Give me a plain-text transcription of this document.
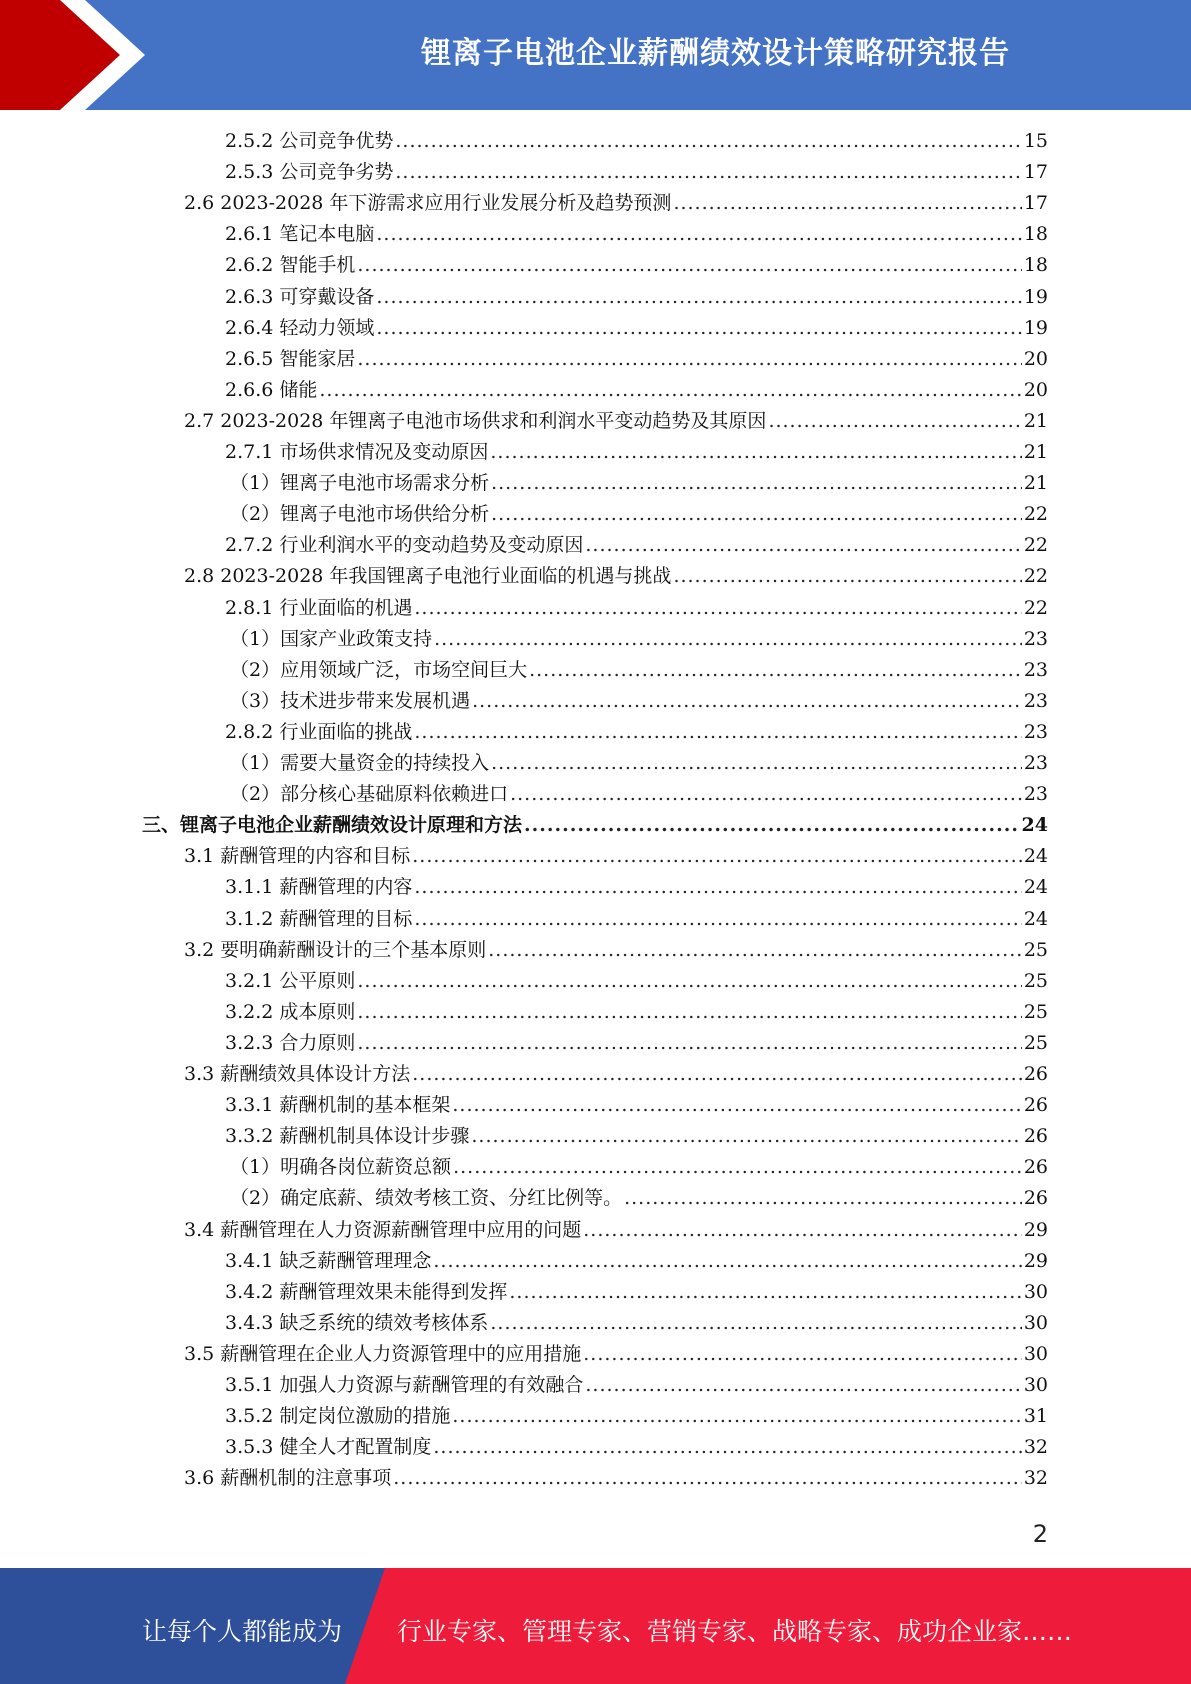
锂离子电池企业薪酬绩效设计策略研究报告
2.5.2 公司竞争优势 .....	15
2.5.3 公司竞争劣势 .....	17
2.6 2023-2028 年下游需求应用行业发展分析及趋势预测 .....	17
2.6.1 笔记本电脑 .....	18
2.6.2 智能手机 .....	18
2.6.3 可穿戴设备 .....	19
2.6.4 轻动力领域 .....	19
2.6.5 智能家居 .....	20
2.6.6 储能 .....	20
2.7 2023-2028 年锂离子电池市场供求和利润水平变动趋势及其原因 .....	21
2.7.1 市场供求情况及变动原因 .....	21
（1）锂离子电池市场需求分析 .....	21
（2）锂离子电池市场供给分析 .....	22
2.7.2 行业利润水平的变动趋势及变动原因 .....	22
2.8 2023-2028 年我国锂离子电池行业面临的机遇与挑战 .....	22
2.8.1 行业面临的机遇 .....	22
（1）国家产业政策支持 .....	23
（2）应用领域广泛，市场空间巨大 .....	23
（3）技术进步带来发展机遇 .....	23
2.8.2 行业面临的挑战 .....	23
（1）需要大量资金的持续投入 .....	23
（2）部分核心基础原料依赖进口 .....	23
三、锂离子电池企业薪酬绩效设计原理和方法 .....	24
3.1 薪酬管理的内容和目标 .....	24
3.1.1 薪酬管理的内容 .....	24
3.1.2 薪酬管理的目标 .....	24
3.2 要明确薪酬设计的三个基本原则 .....	25
3.2.1 公平原则 .....	25
3.2.2 成本原则 .....	25
3.2.3 合力原则 .....	25
3.3 薪酬绩效具体设计方法 .....	26
3.3.1 薪酬机制的基本框架 .....	26
3.3.2 薪酬机制具体设计步骤 .....	26
（1）明确各岗位薪资总额 .....	26
（2）确定底薪、绩效考核工资、分红比例等。 .....	26
3.4 薪酬管理在人力资源薪酬管理中应用的问题 .....	29
3.4.1 缺乏薪酬管理理念 .....	29
3.4.2 薪酬管理效果未能得到发挥 .....	30
3.4.3 缺乏系统的绩效考核体系 .....	30
3.5 薪酬管理在企业人力资源管理中的应用措施 .....	30
3.5.1 加强人力资源与薪酬管理的有效融合 .....	30
3.5.2 制定岗位激励的措施 .....	31
3.5.3 健全人才配置制度 .....	32
3.6 薪酬机制的注意事项 .....	32
2
让每个人都能成为 行业专家、管理专家、营销专家、战略专家、成功企业家……
